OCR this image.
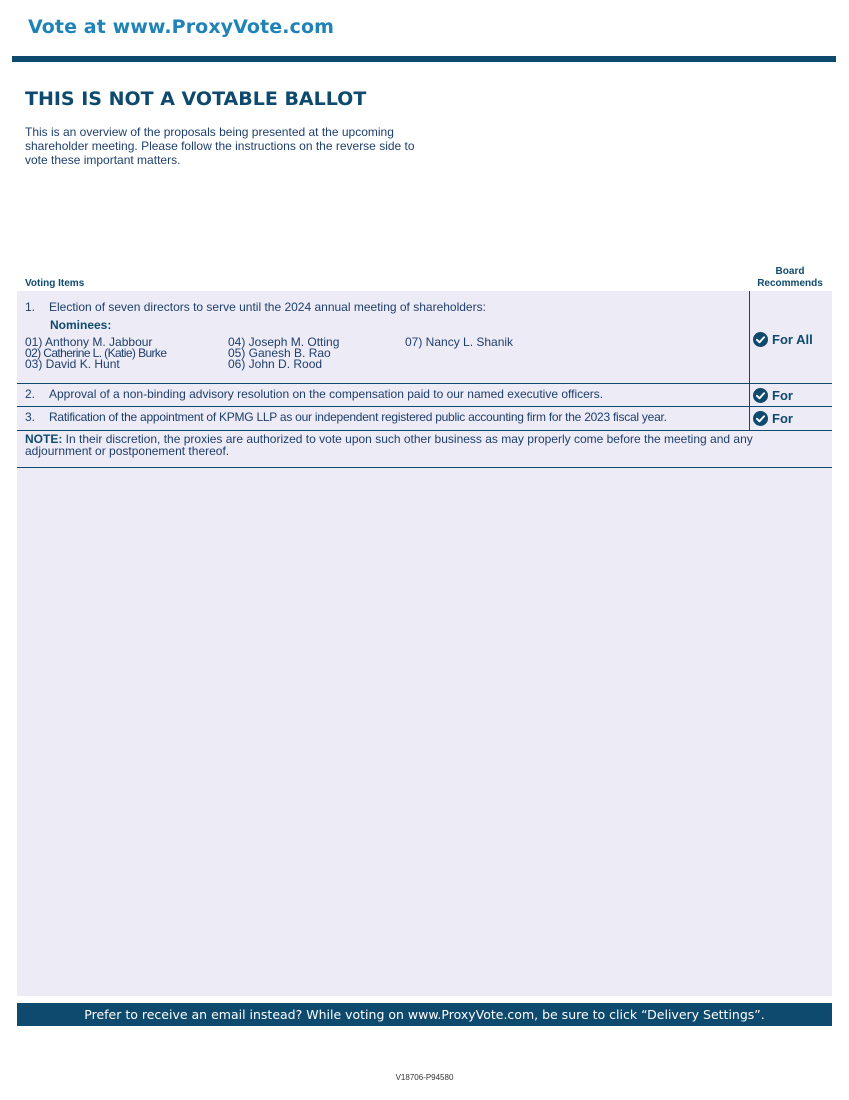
Vote at www.ProxyVote.com
THIS IS NOT A VOTABLE BALLOT
This is an overview of the proposals being presented at the upcoming shareholder meeting. Please follow the instructions on the reverse side to vote these important matters.
Voting Items
Board
Recommends
1. Election of seven directors to serve until the 2024 annual meeting of shareholders:
Nominees:
01) Anthony M. Jabbour
02) Catherine L. (Katie) Burke
03) David K. Hunt
04) Joseph M. Otting
05) Ganesh B. Rao
06) John D. Rood
07) Nancy L. Shanik	For All
2. Approval of a non-binding advisory resolution on the compensation paid to our named executive officers.	For
3. Ratification of the appointment of KPMG LLP as our independent registered public accounting firm for the 2023 fiscal year.	For
NOTE: In their discretion, the proxies are authorized to vote upon such other business as may properly come before the meeting and any adjournment or postponement thereof.
Prefer to receive an email instead? While voting on www.ProxyVote.com, be sure to click “Delivery Settings”.
V18706-P94580
